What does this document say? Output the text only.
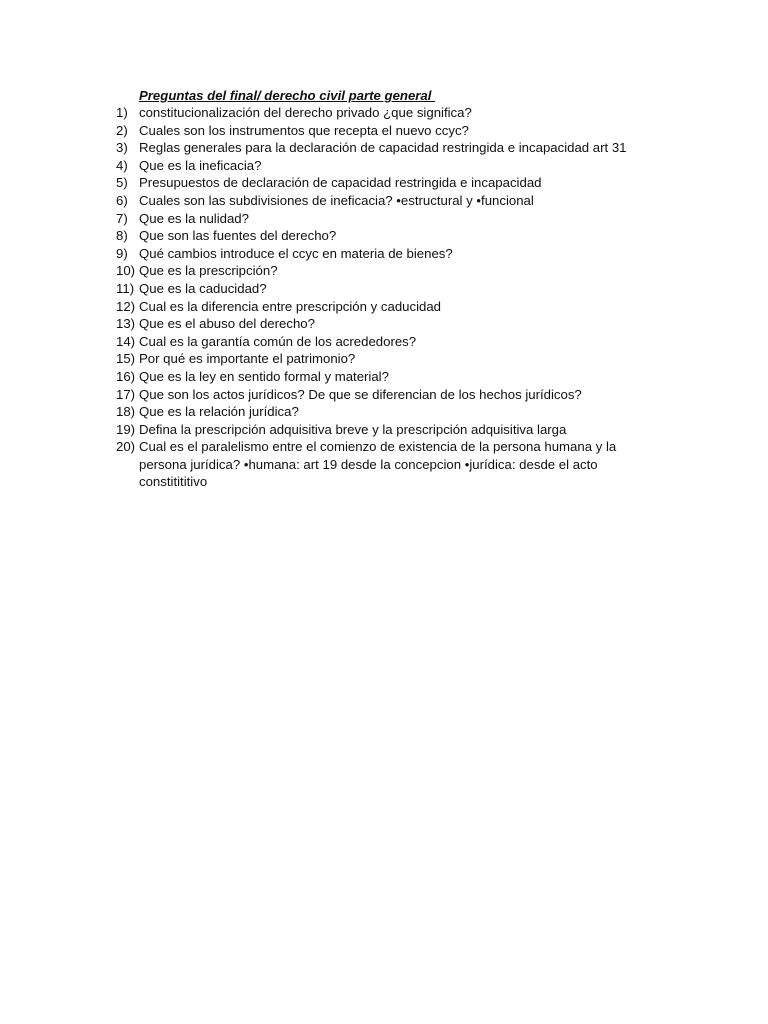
Preguntas del final/ derecho civil parte general
1) constitucionalización del derecho privado ¿que significa?
2) Cuales son los instrumentos que recepta el nuevo ccyc?
3) Reglas generales para la declaración de capacidad restringida e incapacidad art 31
4) Que es la ineficacia?
5) Presupuestos de declaración de capacidad restringida e incapacidad
6) Cuales son las subdivisiones de ineficacia? •estructural y •funcional
7) Que es la nulidad?
8) Que son las fuentes del derecho?
9) Qué cambios introduce el ccyc en materia de bienes?
10) Que es la prescripción?
11) Que es la caducidad?
12) Cual es la diferencia entre prescripción y caducidad
13) Que es el abuso del derecho?
14) Cual es la garantía común de los acrededores?
15) Por qué es importante el patrimonio?
16) Que es la ley en sentido formal y material?
17) Que son los actos jurídicos? De que se diferencian de los hechos jurídicos?
18) Que es la relación jurídica?
19) Defina la prescripción adquisitiva breve y la prescripción adquisitiva larga
20) Cual es el paralelismo entre el comienzo de existencia de la persona humana y la
persona jurídica? •humana: art 19 desde la concepcion •jurídica: desde el acto
constitititivo
